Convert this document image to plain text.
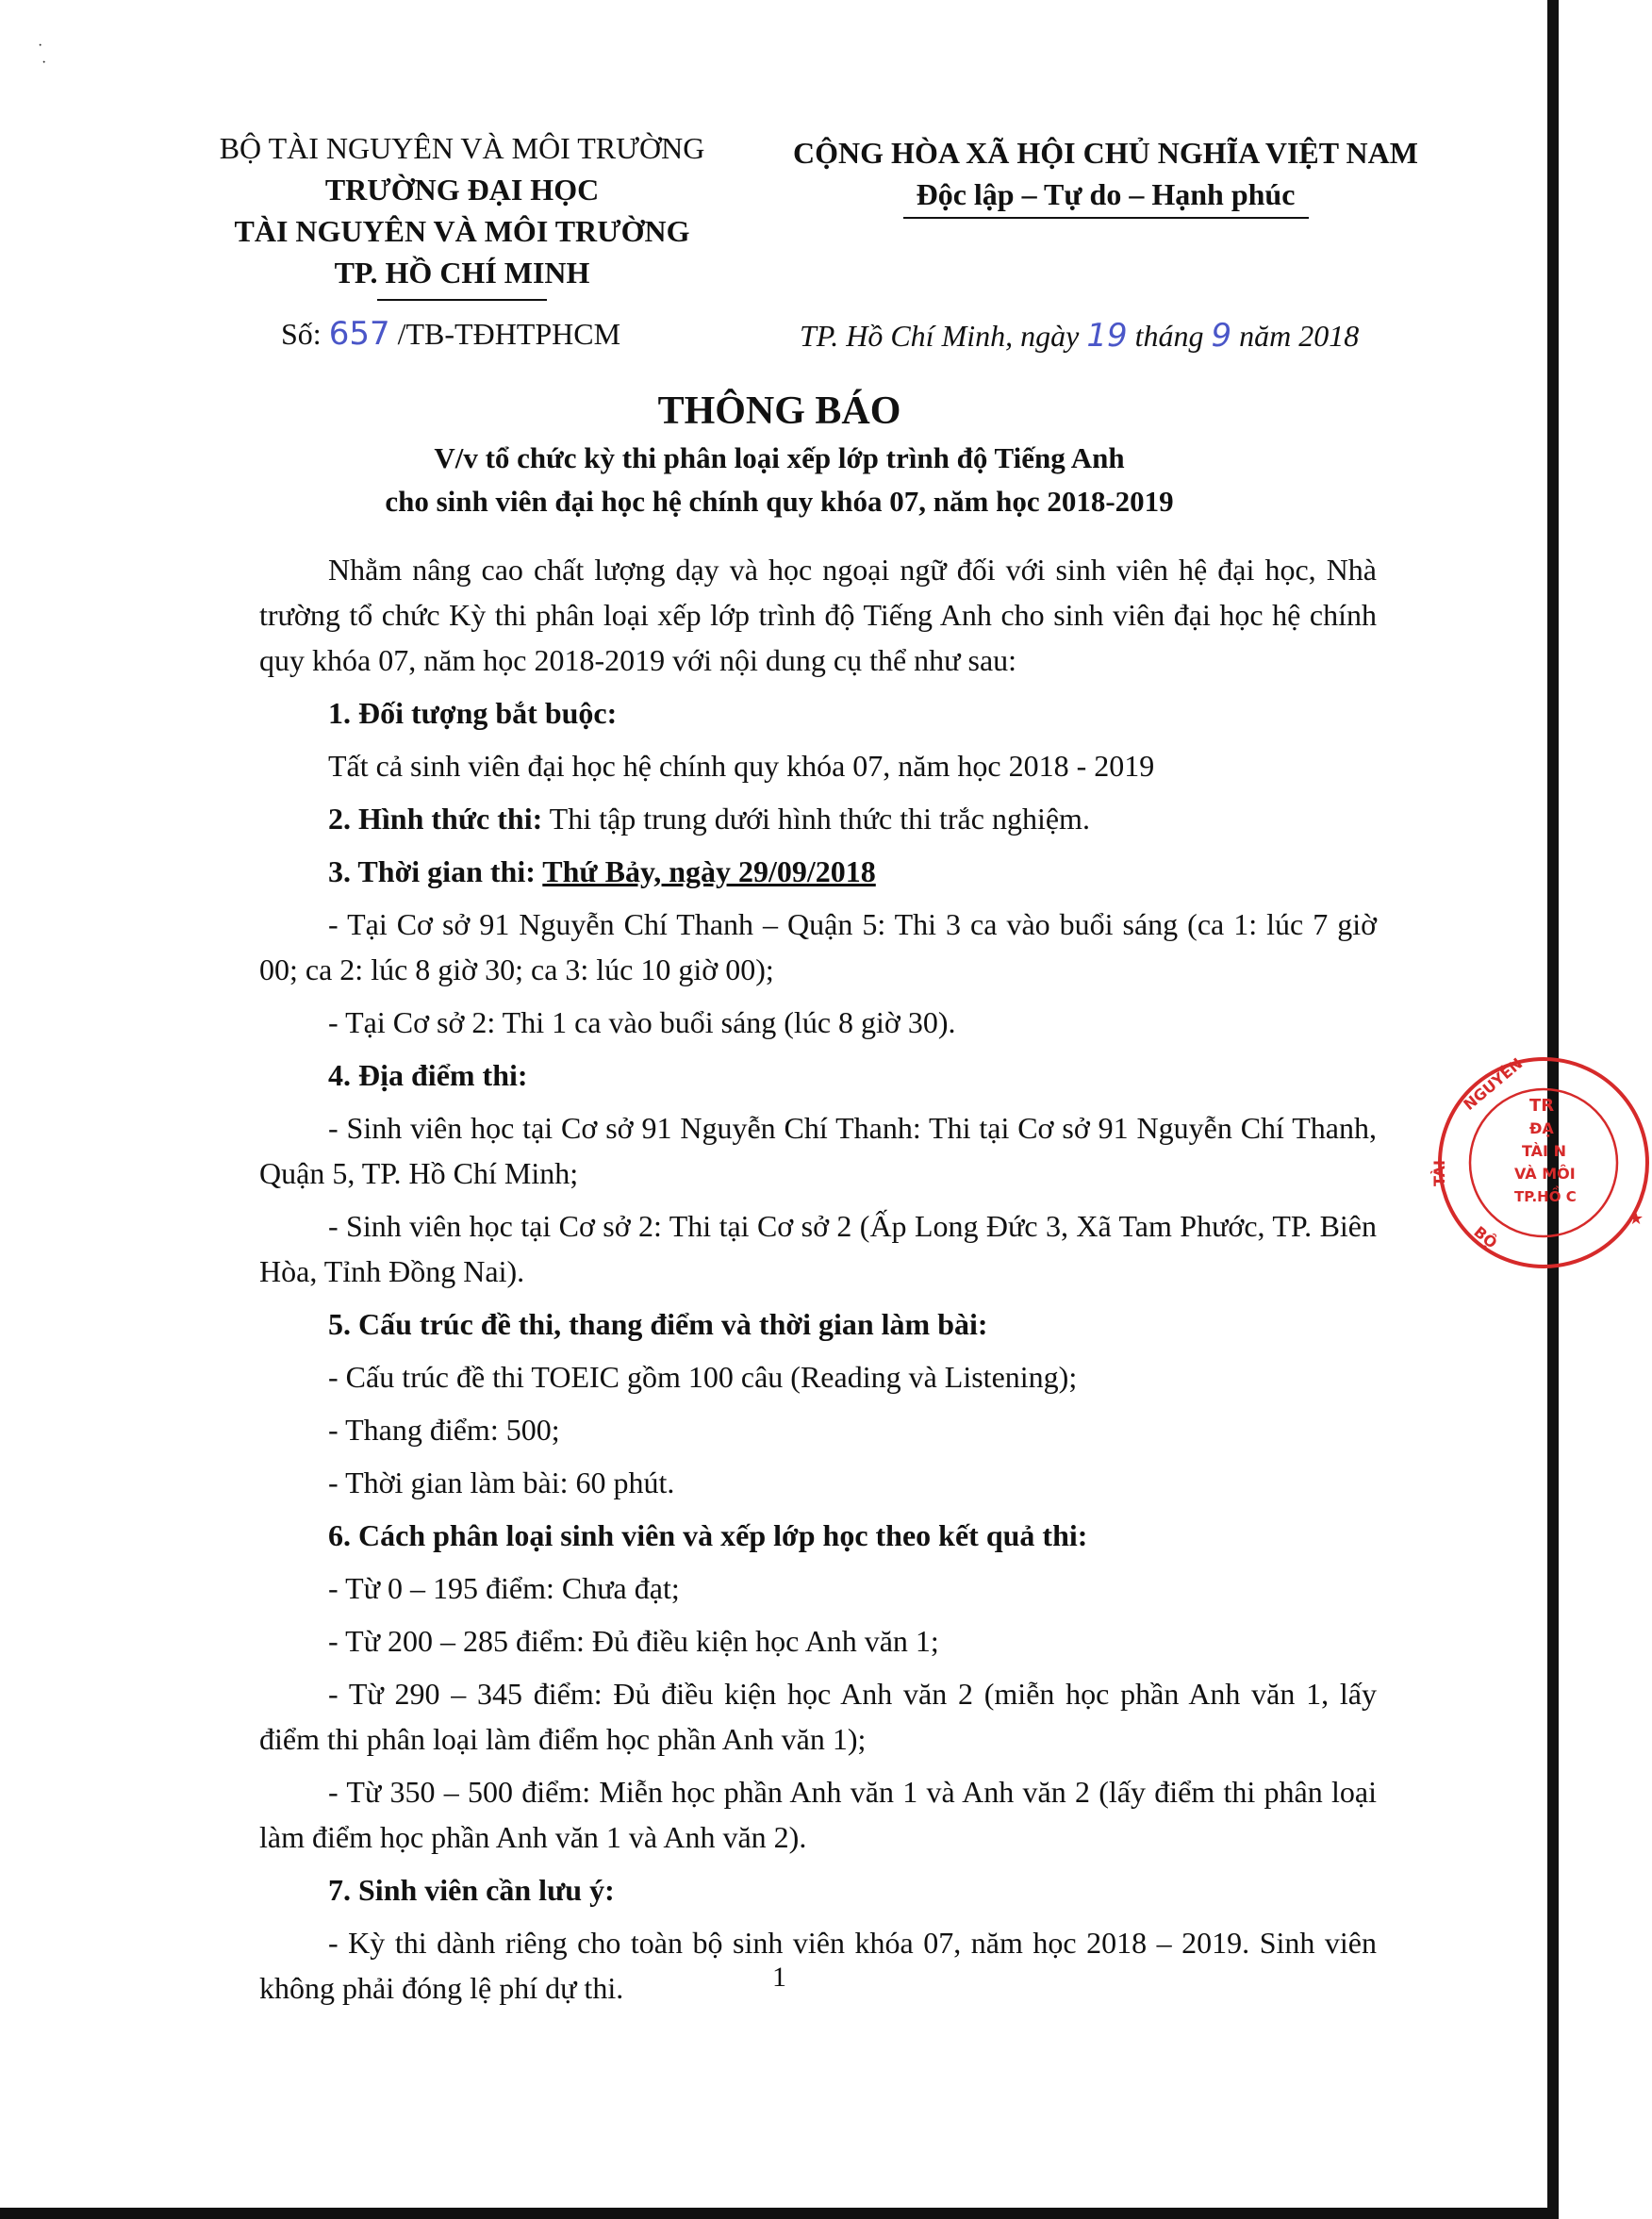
·
·
BỘ TÀI NGUYÊN VÀ MÔI TRƯỜNG
TRƯỜNG ĐẠI HỌC
TÀI NGUYÊN VÀ MÔI TRƯỜNG
TP. HỒ CHÍ MINH
CỘNG HÒA XÃ HỘI CHỦ NGHĨA VIỆT NAM
Độc lập – Tự do – Hạnh phúc
Số: 657 /TB-TĐHTPHCM	TP. Hồ Chí Minh, ngày 19 tháng 9 năm 2018
THÔNG BÁO
V/v tổ chức kỳ thi phân loại xếp lớp trình độ Tiếng Anh
cho sinh viên đại học hệ chính quy khóa 07, năm học 2018-2019

Nhằm nâng cao chất lượng dạy và học ngoại ngữ đối với sinh viên hệ đại học, Nhà trường tổ chức Kỳ thi phân loại xếp lớp trình độ Tiếng Anh cho sinh viên đại học hệ chính quy khóa 07, năm học 2018-2019 với nội dung cụ thể như sau:

1. Đối tượng bắt buộc:

Tất cả sinh viên đại học hệ chính quy khóa 07, năm học 2018 - 2019

2. Hình thức thi: Thi tập trung dưới hình thức thi trắc nghiệm.

3. Thời gian thi: Thứ Bảy, ngày 29/09/2018

- Tại Cơ sở 91 Nguyễn Chí Thanh – Quận 5: Thi 3 ca vào buổi sáng (ca 1: lúc 7 giờ 00; ca 2: lúc 8 giờ 30; ca 3: lúc 10 giờ 00);

- Tại Cơ sở 2: Thi 1 ca vào buổi sáng (lúc 8 giờ 30).

4. Địa điểm thi:

- Sinh viên học tại Cơ sở 91 Nguyễn Chí Thanh: Thi tại Cơ sở 91 Nguyễn Chí Thanh, Quận 5, TP. Hồ Chí Minh;

- Sinh viên học tại Cơ sở 2: Thi tại Cơ sở 2 (Ấp Long Đức 3, Xã Tam Phước, TP. Biên Hòa, Tỉnh Đồng Nai).

5. Cấu trúc đề thi, thang điểm và thời gian làm bài:

- Cấu trúc đề thi TOEIC gồm 100 câu (Reading và Listening);

- Thang điểm: 500;

- Thời gian làm bài: 60 phút.

6. Cách phân loại sinh viên và xếp lớp học theo kết quả thi:

- Từ 0 – 195 điểm: Chưa đạt;

- Từ 200 – 285 điểm: Đủ điều kiện học Anh văn 1;

- Từ 290 – 345 điểm: Đủ điều kiện học Anh văn 2 (miễn học phần Anh văn 1, lấy điểm thi phân loại làm điểm học phần Anh văn 1);

- Từ 350 – 500 điểm: Miễn học phần Anh văn 1 và Anh văn 2 (lấy điểm thi phân loại làm điểm học phần Anh văn 1 và Anh văn 2).

7. Sinh viên cần lưu ý:

- Kỳ thi dành riêng cho toàn bộ sinh viên khóa 07, năm học 2018 – 2019. Sinh viên không phải đóng lệ phí dự thi.	1
TR
ĐẠ
TÀI N
VÀ MÔI
TP.HỒ C
NGUYÊN
TÀI
BỘ
★
